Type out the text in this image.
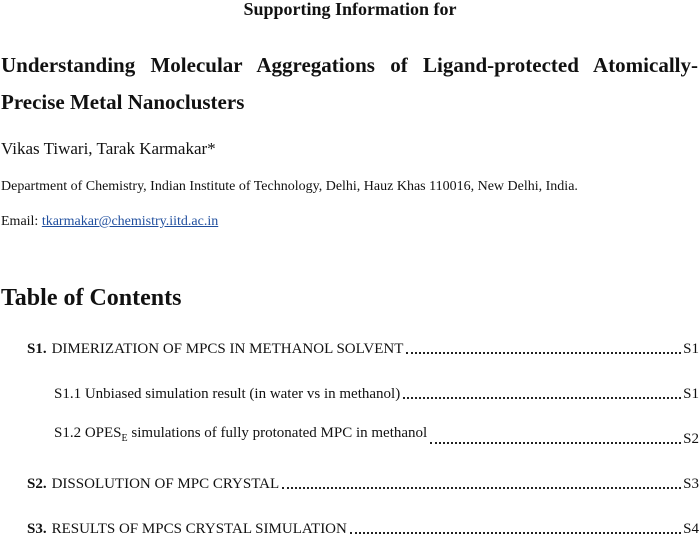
Supporting Information for
Understanding Molecular Aggregations of Ligand-protected Atomically-
Precise Metal Nanoclusters
Vikas Tiwari, Tarak Karmakar*
Department of Chemistry, Indian Institute of Technology, Delhi, Hauz Khas 110016, New Delhi, India.
Email: tkarmakar@chemistry.iitd.ac.in
Table of Contents
S1. DIMERIZATION OF MPCS IN METHANOL SOLVENT	S1
S1.1 Unbiased simulation result (in water vs in methanol)	S1
S1.2 $OPES_E$ simulations of fully protonated MPC in methanol	S2
S2. DISSOLUTION OF MPC CRYSTAL	S3
S3. RESULTS OF MPCS CRYSTAL SIMULATION	S4
